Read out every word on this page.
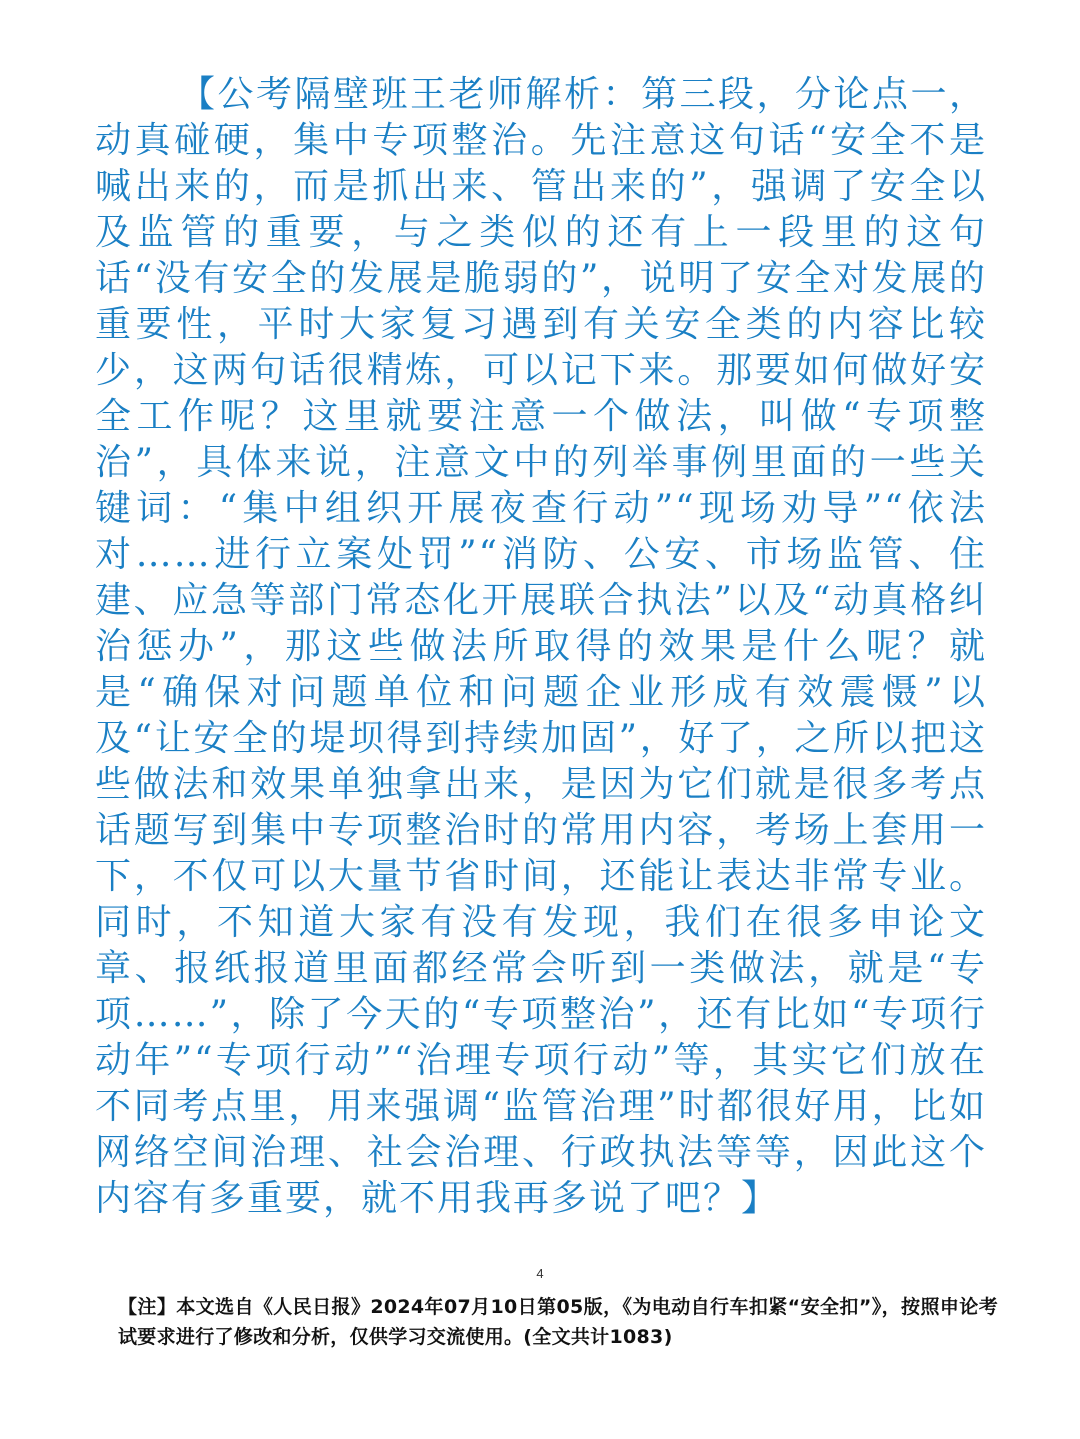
【公考隔壁班王老师解析：第三段，分论点一，动真碰硬，集中专项整治。先注意这句话“安全不是喊出来的，而是抓出来、管出来的”，强调了安全以及监管的重要，与之类似的还有上一段里的这句话“没有安全的发展是脆弱的”，说明了安全对发展的重要性，平时大家复习遇到有关安全类的内容比较少，这两句话很精炼，可以记下来。那要如何做好安全工作呢？这里就要注意一个做法，叫做“专项整治”，具体来说，注意文中的列举事例里面的一些关键词：“集中组织开展夜查行动”“现场劝导”“依法对……进行立案处罚”“消防、公安、市场监管、住建、应急等部门常态化开展联合执法”以及“动真格纠治惩办”，那这些做法所取得的效果是什么呢？就是“确保对问题单位和问题企业形成有效震慑”以及“让安全的堤坝得到持续加固”，好了，之所以把这些做法和效果单独拿出来，是因为它们就是很多考点话题写到集中专项整治时的常用内容，考场上套用一下，不仅可以大量节省时间，还能让表达非常专业。同时，不知道大家有没有发现，我们在很多申论文章、报纸报道里面都经常会听到一类做法，就是“专项……”，除了今天的“专项整治”，还有比如“专项行动年”“专项行动”“治理专项行动”等，其实它们放在不同考点里，用来强调“监管治理”时都很好用，比如网络空间治理、社会治理、行政执法等等，因此这个内容有多重要，就不用我再多说了吧？】

4

【注】本文选自《人民日报》2024年07月10日第05版，《为电动自行车扣紧“安全扣”》，按照申论考试要求进行了修改和分析，仅供学习交流使用。(全文共计1083)
